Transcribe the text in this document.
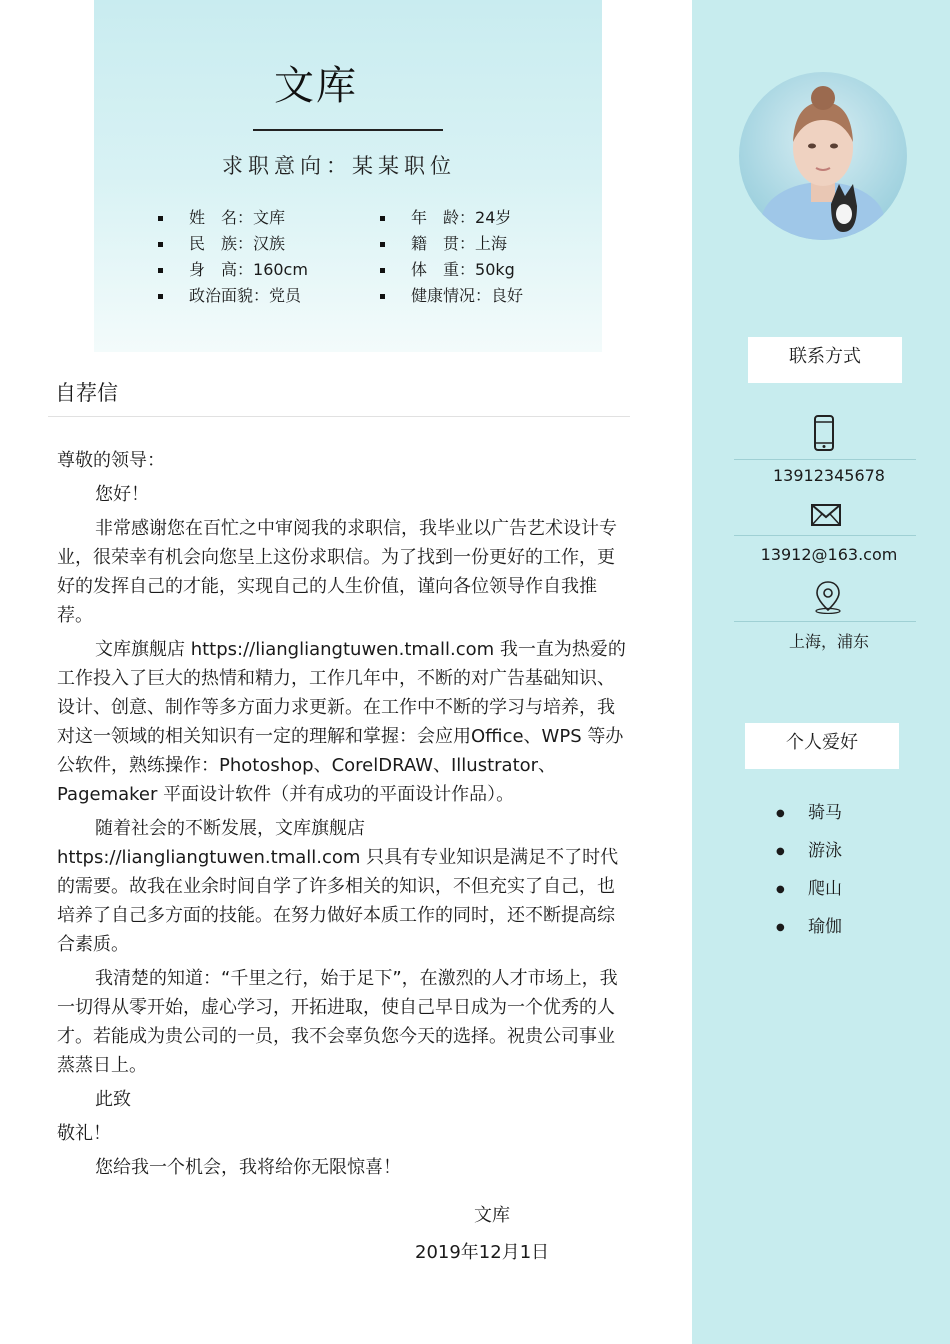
联系方式
13912345678
13912@163.com
上海，浦东
个人爱好
● 骑马
● 游泳
● 爬山
● 瑜伽
文库
求职意向：某某职位
姓　名：文库	年　龄：24岁
民　族：汉族	籍　贯：上海
身　高：160cm	体　重：50kg
政治面貌：党员	健康情况：良好
自荐信

尊敬的领导：

您好！

非常感谢您在百忙之中审阅我的求职信，我毕业以广告艺术设计专业，很荣幸有机会向您呈上这份求职信。为了找到一份更好的工作，更好的发挥自己的才能，实现自己的人生价值，谨向各位领导作自我推荐。

文库旗舰店 https://liangliangtuwen.tmall.com 我一直为热爱的工作投入了巨大的热情和精力，工作几年中，不断的对广告基础知识、设计、创意、制作等多方面力求更新。在工作中不断的学习与培养，我对这一领域的相关知识有一定的理解和掌握：会应用Office、WPS 等办公软件，熟练操作：Photoshop、CorelDRAW、Illustrator、Pagemaker 平面设计软件（并有成功的平面设计作品）。

随着社会的不断发展，文库旗舰店 https://liangliangtuwen.tmall.com 只具有专业知识是满足不了时代的需要。故我在业余时间自学了许多相关的知识，不但充实了自己，也培养了自己多方面的技能。在努力做好本质工作的同时，还不断提高综合素质。

我清楚的知道：“千里之行，始于足下”，在激烈的人才市场上，我一切得从零开始，虚心学习，开拓进取，使自己早日成为一个优秀的人才。若能成为贵公司的一员，我不会辜负您今天的选择。祝贵公司事业蒸蒸日上。

此致

敬礼！

您给我一个机会，我将给你无限惊喜！

文库
2019年12月1日
